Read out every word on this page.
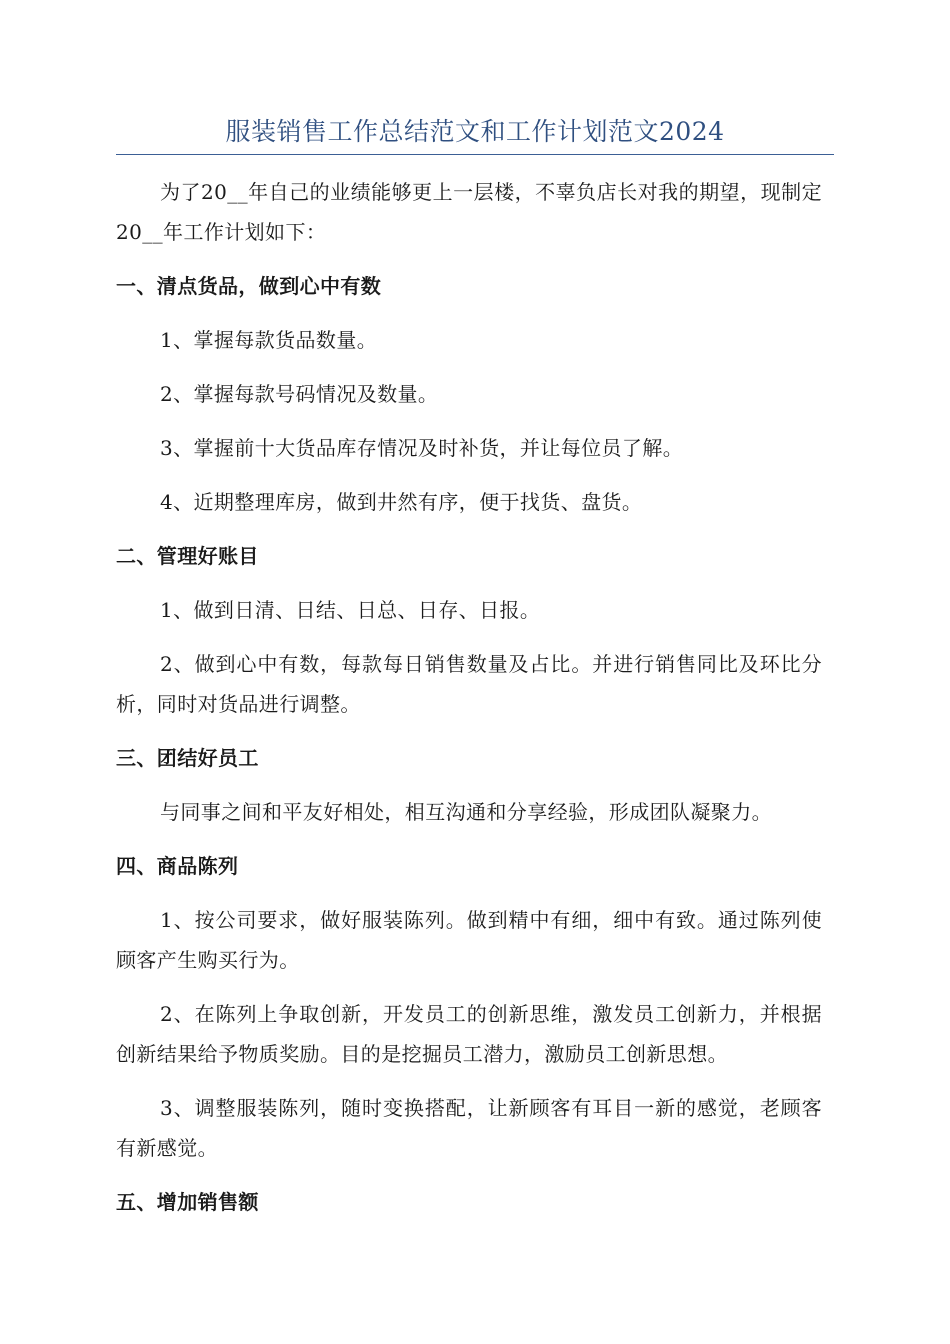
服装销售工作总结范文和工作计划范文2024

为了20__年自己的业绩能够更上一层楼，不辜负店长对我的期望，现制定20__年工作计划如下：

一、清点货品，做到心中有数

1、掌握每款货品数量。

2、掌握每款号码情况及数量。

3、掌握前十大货品库存情况及时补货，并让每位员了解。

4、近期整理库房，做到井然有序，便于找货、盘货。

二、管理好账目

1、做到日清、日结、日总、日存、日报。

2、做到心中有数，每款每日销售数量及占比。并进行销售同比及环比分析，同时对货品进行调整。

三、团结好员工

与同事之间和平友好相处，相互沟通和分享经验，形成团队凝聚力。

四、商品陈列

1、按公司要求，做好服装陈列。做到精中有细，细中有致。通过陈列使顾客产生购买行为。

2、在陈列上争取创新，开发员工的创新思维，激发员工创新力，并根据创新结果给予物质奖励。目的是挖掘员工潜力，激励员工创新思想。

3、调整服装陈列，随时变换搭配，让新顾客有耳目一新的感觉，老顾客有新感觉。

五、增加销售额
